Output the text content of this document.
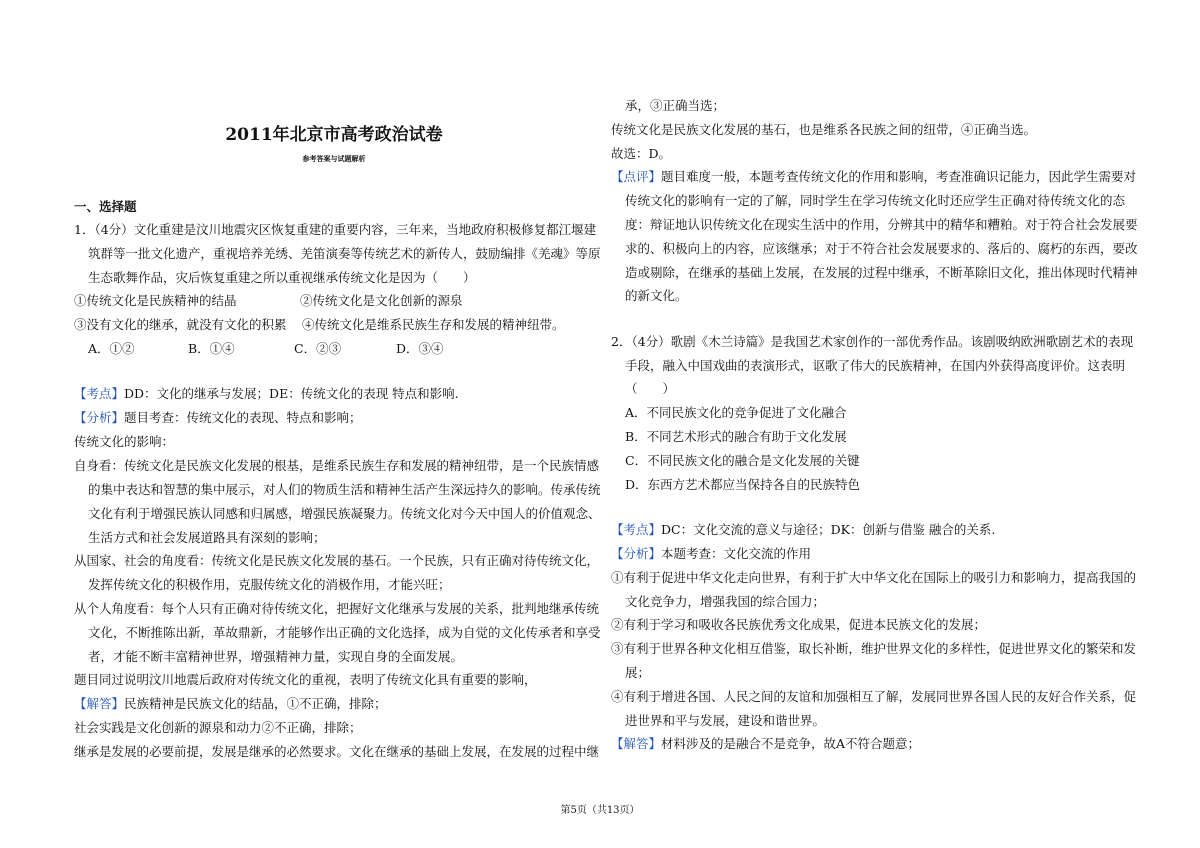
2011年北京市高考政治试卷
参考答案与试题解析
一、选择题
1．（4分）文化重建是汶川地震灾区恢复重建的重要内容，三年来，当地政府积极修复都江堰建
筑群等一批文化遗产，重视培养羌绣、羌笛演奏等传统艺术的新传人，鼓励编排《羌魂》等原
生态歌舞作品，灾后恢复重建之所以重视继承传统文化是因为（　　）
①传统文化是民族精神的结晶	②传统文化是文化创新的源泉
③没有文化的继承，就没有文化的积累 ④传统文化是维系民族生存和发展的精神纽带。
A．①②	B．①④	C．②③	D．③④
【考点】DD：文化的继承与发展；DE：传统文化的表现 特点和影响.
【分析】题目考查：传统文化的表现、特点和影响；
传统文化的影响：
自身看：传统文化是民族文化发展的根基，是维系民族生存和发展的精神纽带，是一个民族情感
的集中表达和智慧的集中展示，对人们的物质生活和精神生活产生深远持久的影响。传承传统
文化有利于增强民族认同感和归属感，增强民族凝聚力。传统文化对今天中国人的价值观念、
生活方式和社会发展道路具有深刻的影响；
从国家、社会的角度看：传统文化是民族文化发展的基石。一个民族，只有正确对待传统文化，
发挥传统文化的积极作用，克服传统文化的消极作用，才能兴旺；
从个人角度看：每个人只有正确对待传统文化，把握好文化继承与发展的关系，批判地继承传统
文化，不断推陈出新，革故鼎新，才能够作出正确的文化选择，成为自觉的文化传承者和享受
者，才能不断丰富精神世界，增强精神力量，实现自身的全面发展。
题目同过说明汶川地震后政府对传统文化的重视，表明了传统文化具有重要的影响，
【解答】民族精神是民族文化的结晶，①不正确，排除；
社会实践是文化创新的源泉和动力②不正确，排除；
继承是发展的必要前提，发展是继承的必然要求。文化在继承的基础上发展，在发展的过程中继
承，③正确当选；
传统文化是民族文化发展的基石，也是维系各民族之间的纽带，④正确当选。
故选：D。
【点评】题目难度一般，本题考查传统文化的作用和影响，考查准确识记能力，因此学生需要对
传统文化的影响有一定的了解，同时学生在学习传统文化时还应学生正确对待传统文化的态
度：辩证地认识传统文化在现实生活中的作用，分辨其中的精华和糟粕。对于符合社会发展要
求的、积极向上的内容，应该继承；对于不符合社会发展要求的、落后的、腐朽的东西，要改
造或剔除，在继承的基础上发展，在发展的过程中继承，不断革除旧文化，推出体现时代精神
的新文化。
2．（4分）歌剧《木兰诗篇》是我国艺术家创作的一部优秀作品。该剧吸纳欧洲歌剧艺术的表现
手段，融入中国戏曲的表演形式，讴歌了伟大的民族精神，在国内外获得高度评价。这表明
（　　）
A．不同民族文化的竞争促进了文化融合
B．不同艺术形式的融合有助于文化发展
C．不同民族文化的融合是文化发展的关键
D．东西方艺术都应当保持各自的民族特色
【考点】DC：文化交流的意义与途径；DK：创新与借鉴 融合的关系.
【分析】本题考查：文化交流的作用
①有利于促进中华文化走向世界，有利于扩大中华文化在国际上的吸引力和影响力，提高我国的
文化竞争力，增强我国的综合国力；
②有利于学习和吸收各民族优秀文化成果，促进本民族文化的发展；
③有利于世界各种文化相互借鉴，取长补断，维护世界文化的多样性，促进世界文化的繁荣和发
展；
④有利于增进各国、人民之间的友谊和加强相互了解，发展同世界各国人民的友好合作关系，促
进世界和平与发展，建设和谐世界。
【解答】材料涉及的是融合不是竞争，故A不符合题意；
第5页（共13页）
